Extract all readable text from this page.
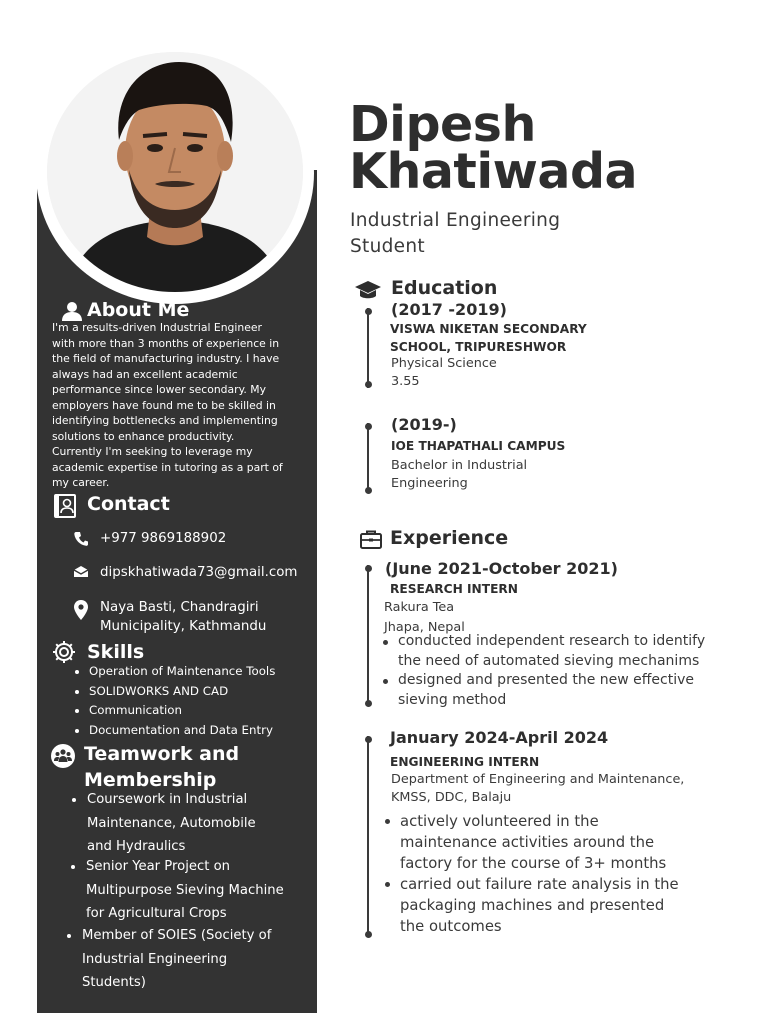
About Me
I'm a results-driven Industrial Engineer
with more than 3 months of experience in
the field of manufacturing industry. I have
always had an excellent academic
performance since lower secondary. My
employers have found me to be skilled in
identifying bottlenecks and implementing
solutions to enhance productivity.
Currently I'm seeking to leverage my
academic expertise in tutoring as a part of
my career.
Contact
+977 9869188902
dipskhatiwada73@gmail.com
Naya Basti, Chandragiri
Municipality, Kathmandu
Skills
Operation of Maintenance Tools
SOLIDWORKS AND CAD
Communication
Documentation and Data Entry
Teamwork and
Membership
Coursework in Industrial
Maintenance, Automobile
and Hydraulics
Senior Year Project on
Multipurpose Sieving Machine
for Agricultural Crops
Member of SOIES (Society of
Industrial Engineering
Students)
Dipesh
Khatiwada
Industrial Engineering
Student
Education
(2017 -2019)
VISWA NIKETAN SECONDARY
SCHOOL, TRIPURESHWOR
Physical Science
3.55
(2019-)
IOE THAPATHALI CAMPUS
Bachelor in Industrial
Engineering
Experience
(June 2021-October 2021)
RESEARCH INTERN
Rakura Tea
Jhapa, Nepal
conducted independent research to identify
the need of automated sieving mechanims
designed and presented the new effective
sieving method
January 2024-April 2024
ENGINEERING INTERN
Department of Engineering and Maintenance,
KMSS, DDC, Balaju
actively volunteered in the
maintenance activities around the
factory for the course of 3+ months
carried out failure rate analysis in the
packaging machines and presented
the outcomes
